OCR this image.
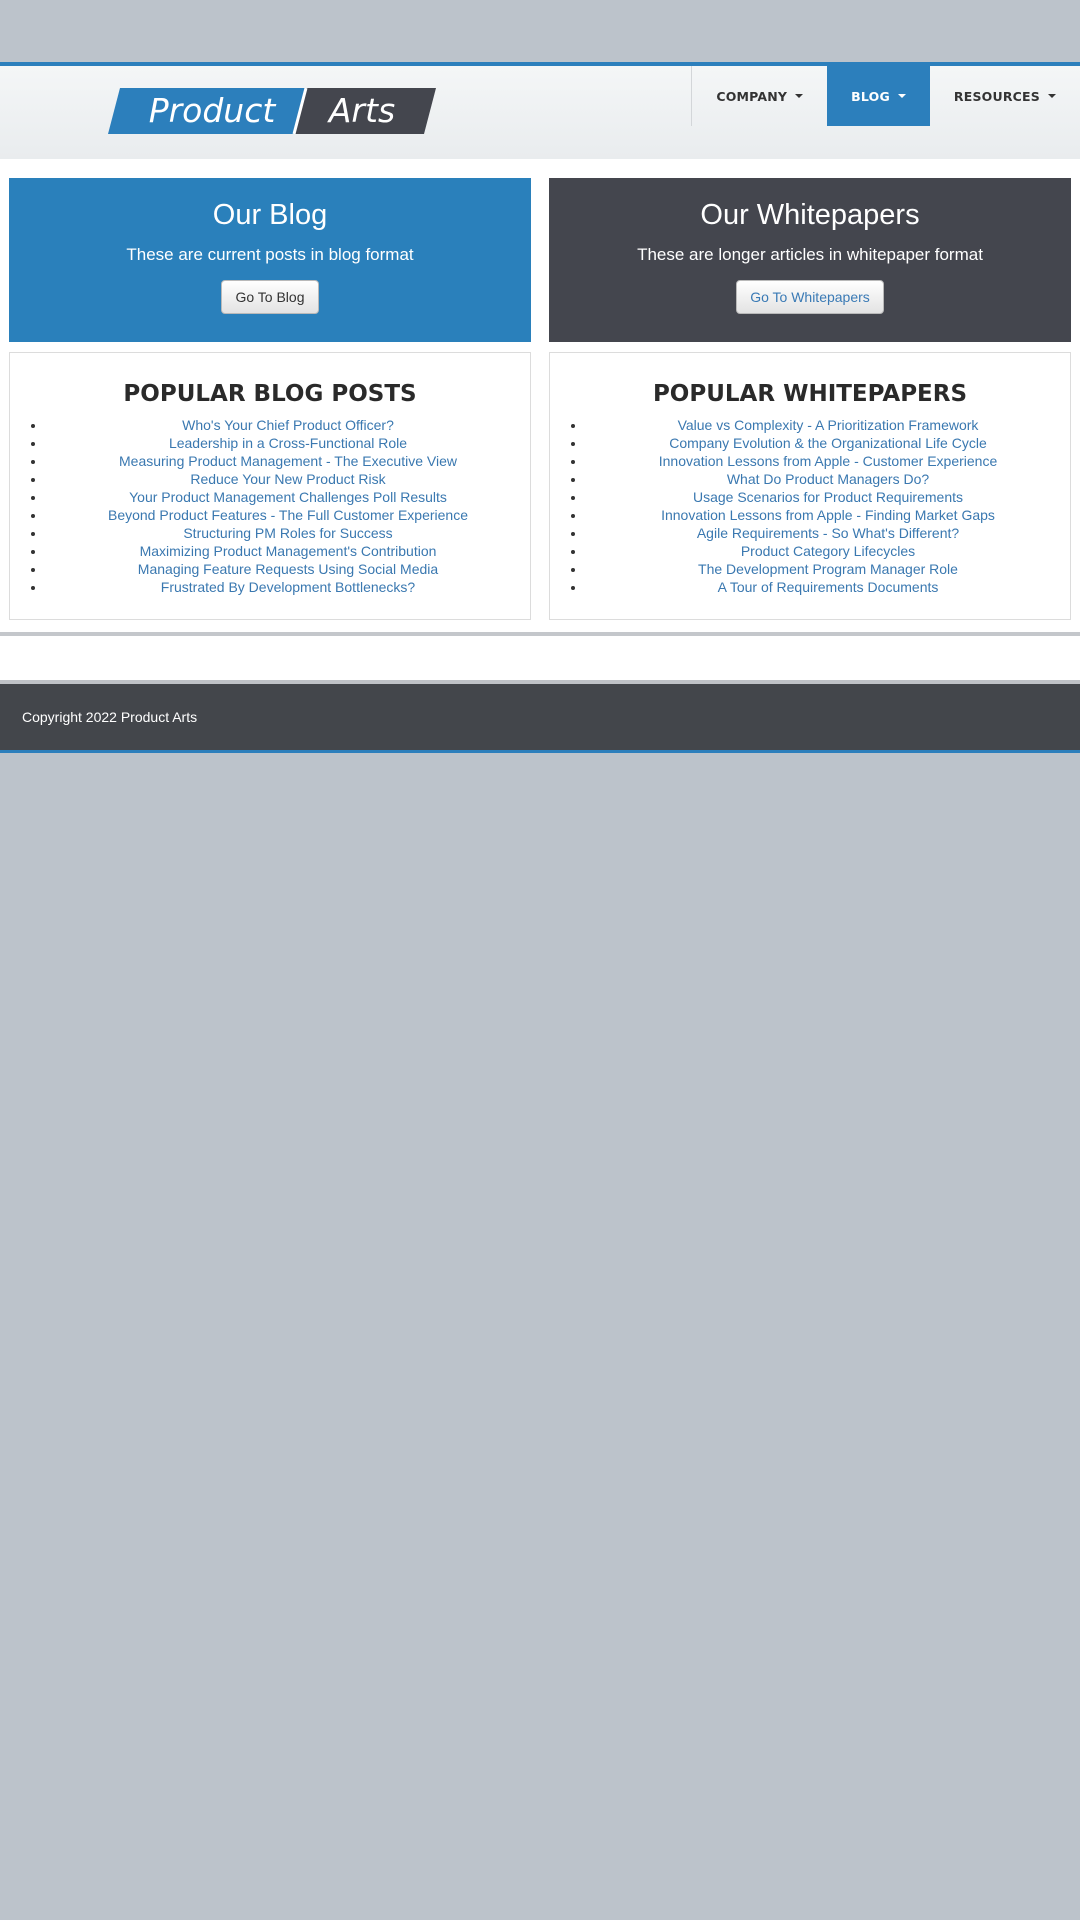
Product Arts	COMPANY	BLOG	RESOURCES
Our Blog

These are current posts in blog format

Go To Blog
Our Whitepapers

These are longer articles in whitepaper format

Go To Whitepapers
POPULAR BLOG POSTS
• Who's Your Chief Product Officer?
• Leadership in a Cross-Functional Role
• Measuring Product Management - The Executive View
• Reduce Your New Product Risk
• Your Product Management Challenges Poll Results
• Beyond Product Features - The Full Customer Experience
• Structuring PM Roles for Success
• Maximizing Product Management's Contribution
• Managing Feature Requests Using Social Media
• Frustrated By Development Bottlenecks?
POPULAR WHITEPAPERS
• Value vs Complexity - A Prioritization Framework
• Company Evolution & the Organizational Life Cycle
• Innovation Lessons from Apple - Customer Experience
• What Do Product Managers Do?
• Usage Scenarios for Product Requirements
• Innovation Lessons from Apple - Finding Market Gaps
• Agile Requirements - So What's Different?
• Product Category Lifecycles
• The Development Program Manager Role
• A Tour of Requirements Documents
Copyright 2022 Product Arts
